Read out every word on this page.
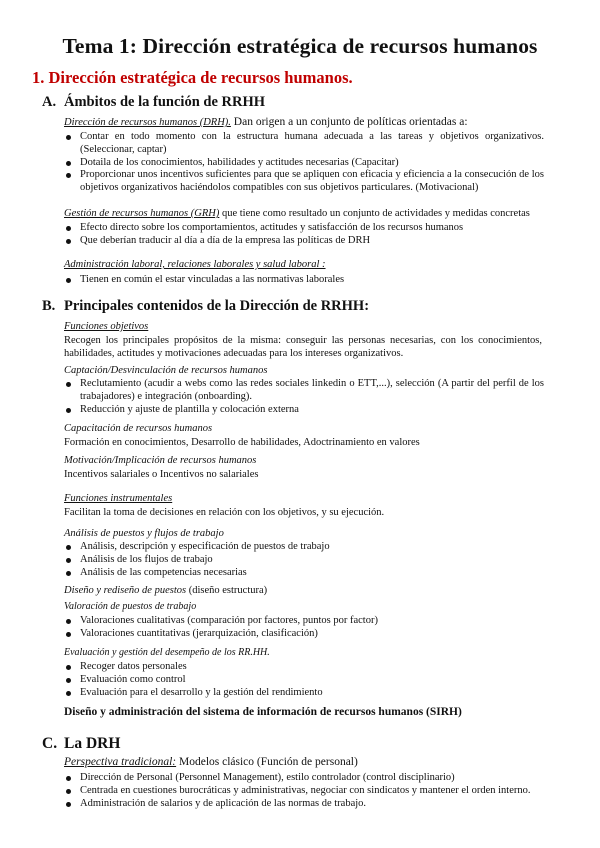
Tema 1: Dirección estratégica de recursos humanos
1. Dirección estratégica de recursos humanos.
A. Ámbitos de la función de RRHH
Dirección de recursos humanos (DRH). Dan origen a un conjunto de políticas orientadas a:
Contar en todo momento con la estructura humana adecuada a las tareas y objetivos organizativos. (Seleccionar, captar)
Dotaila de los conocimientos, habilidades y actitudes necesarias (Capacitar)
Proporcionar unos incentivos suficientes para que se apliquen con eficacia y eficiencia a la consecución de los objetivos organizativos haciéndolos compatibles con sus objetivos particulares. (Motivacional)
Gestión de recursos humanos (GRH) que tiene como resultado un conjunto de actividades y medidas concretas
Efecto directo sobre los comportamientos, actitudes y satisfacción de los recursos humanos
Que deberían traducir al día a día de la empresa las políticas de DRH
Administración laboral, relaciones laborales y salud laboral :
Tienen en común el estar vinculadas a las normativas laborales
B. Principales contenidos de la Dirección de RRHH:
Funciones objetivos
Recogen los principales propósitos de la misma: conseguir las personas necesarias, con los conocimientos, habilidades, actitudes y motivaciones adecuadas para los intereses organizativos.
Captación/Desvinculación de recursos humanos
Reclutamiento (acudir a webs como las redes sociales linkedin o ETT,...), selección (A partir del perfil de los trabajadores) e integración (onboarding).
Reducción y ajuste de plantilla y colocación externa
Capacitación de recursos humanos
Formación en conocimientos, Desarrollo de habilidades, Adoctrinamiento en valores
Motivación/Implicación de recursos humanos
Incentivos salariales o Incentivos no salariales
Funciones instrumentales
Facilitan la toma de decisiones en relación con los objetivos, y su ejecución.
Análisis de puestos y flujos de trabajo
Análisis, descripción y especificación de puestos de trabajo
Análisis de los flujos de trabajo
Análisis de las competencias necesarias
Diseño y rediseño de puestos (diseño estructura)
Valoración de puestos de trabajo
Valoraciones cualitativas (comparación por factores, puntos por factor)
Valoraciones cuantitativas (jerarquización, clasificación)
Evaluación y gestión del desempeño de los RR.HH.
Recoger datos personales
Evaluación como control
Evaluación para el desarrollo y la gestión del rendimiento
Diseño y administración del sistema de información de recursos humanos (SIRH)
C. La DRH
Perspectiva tradicional: Modelos clásico (Función de personal)
Dirección de Personal (Personnel Management), estilo controlador (control disciplinario)
Centrada en cuestiones burocráticas y administrativas, negociar con sindicatos y mantener el orden interno.
Administración de salarios y de aplicación de las normas de trabajo.
